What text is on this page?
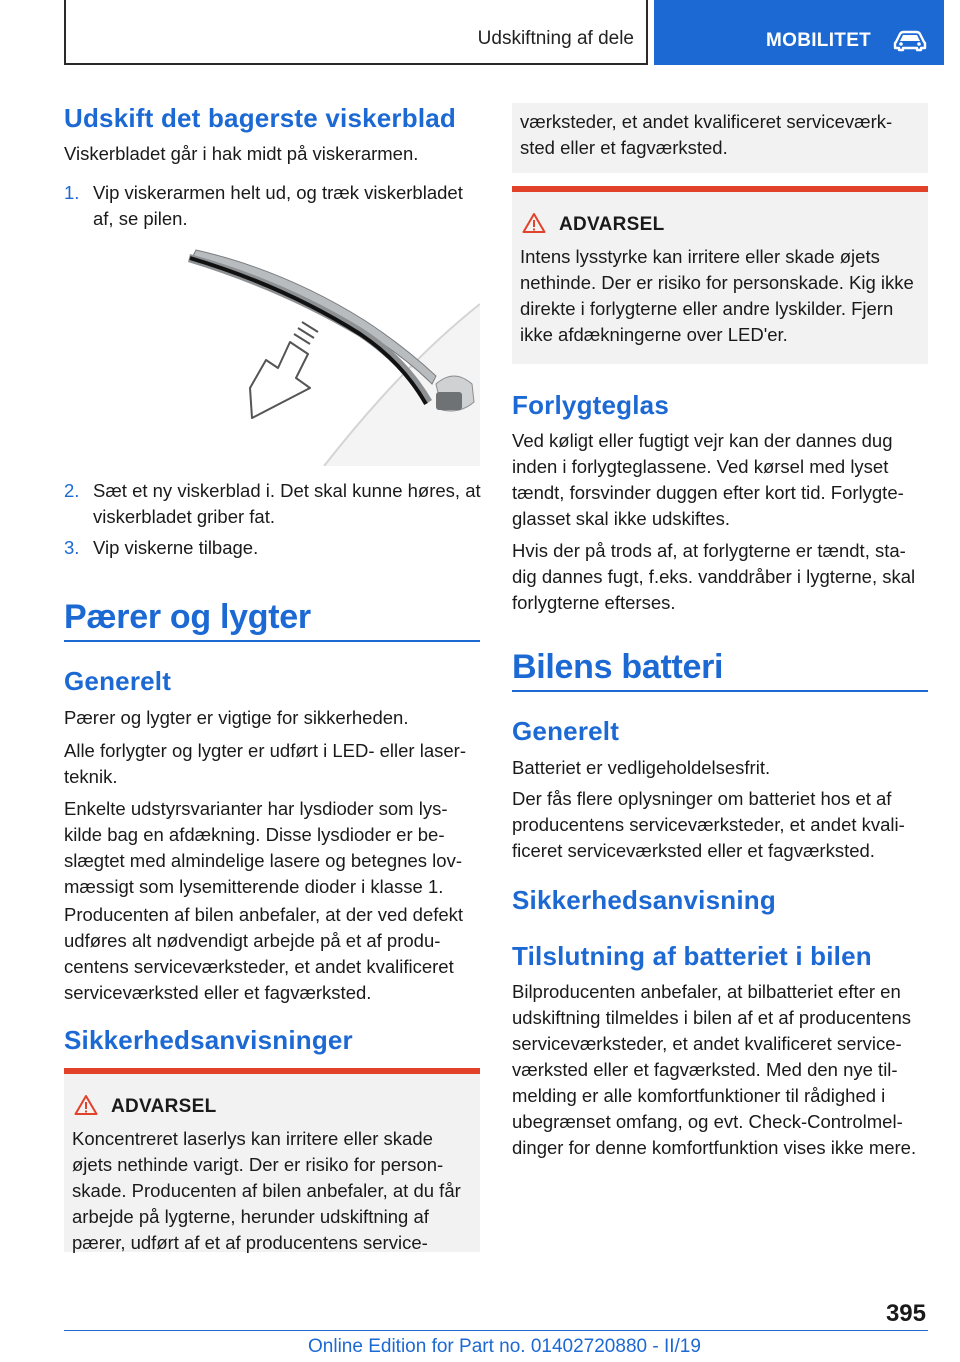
Udskiftning af dele	MOBILITET
Udskift det bagerste viskerblad
Viskerbladet går i hak midt på viskerarmen.
1. Vip viskerarmen helt ud, og træk viskerbladet af, se pilen.
2. Sæt et ny viskerblad i. Det skal kunne høres, at viskerbladet griber fat.
3. Vip viskerne tilbage.
Pærer og lygter
Generelt
Pærer og lygter er vigtige for sikkerheden.
Alle forlygter og lygter er udført i LED- eller laser-teknik.
Enkelte udstyrsvarianter har lysdioder som lys-kilde bag en afdækning. Disse lysdioder er be-slægtet med almindelige lasere og betegnes lov-mæssigt som lysemitterende dioder i klasse 1.
Producenten af bilen anbefaler, at der ved defekt udføres alt nødvendigt arbejde på et af produ-centens serviceværksteder, et andet kvalificeret serviceværksted eller et fagværksted.
Sikkerhedsanvisninger
ADVARSEL
Koncentreret laserlys kan irritere eller skade øjets nethinde varigt. Der er risiko for person-skade. Producenten af bilen anbefaler, at du får arbejde på lygterne, herunder udskiftning af pærer, udført af et af producentens service-
værksteder, et andet kvalificeret serviceværk-sted eller et fagværksted.
ADVARSEL
Intens lysstyrke kan irritere eller skade øjets nethinde. Der er risiko for personskade. Kig ikke direkte i forlygterne eller andre lyskilder. Fjern ikke afdækningerne over LED'er.
Forlygteglas
Ved køligt eller fugtigt vejr kan der dannes dug inden i forlygteglassene. Ved kørsel med lyset tændt, forsvinder duggen efter kort tid. Forlygte-glasset skal ikke udskiftes.
Hvis der på trods af, at forlygterne er tændt, sta-dig dannes fugt, f.eks. vanddråber i lygterne, skal forlygterne efterses.
Bilens batteri
Generelt
Batteriet er vedligeholdelsesfrit.
Der fås flere oplysninger om batteriet hos et af producentens serviceværksteder, et andet kvali-ficeret serviceværksted eller et fagværksted.
Sikkerhedsanvisning
Tilslutning af batteriet i bilen
Bilproducenten anbefaler, at bilbatteriet efter en udskiftning tilmeldes i bilen af et af producentens serviceværksteder, et andet kvalificeret service-værksted eller et fagværksted. Med den nye til-melding er alle komfortfunktioner til rådighed i ubegrænset omfang, og evt. Check-Controlmel-dinger for denne komfortfunktion vises ikke mere.
395
Online Edition for Part no. 01402720880 - II/19
